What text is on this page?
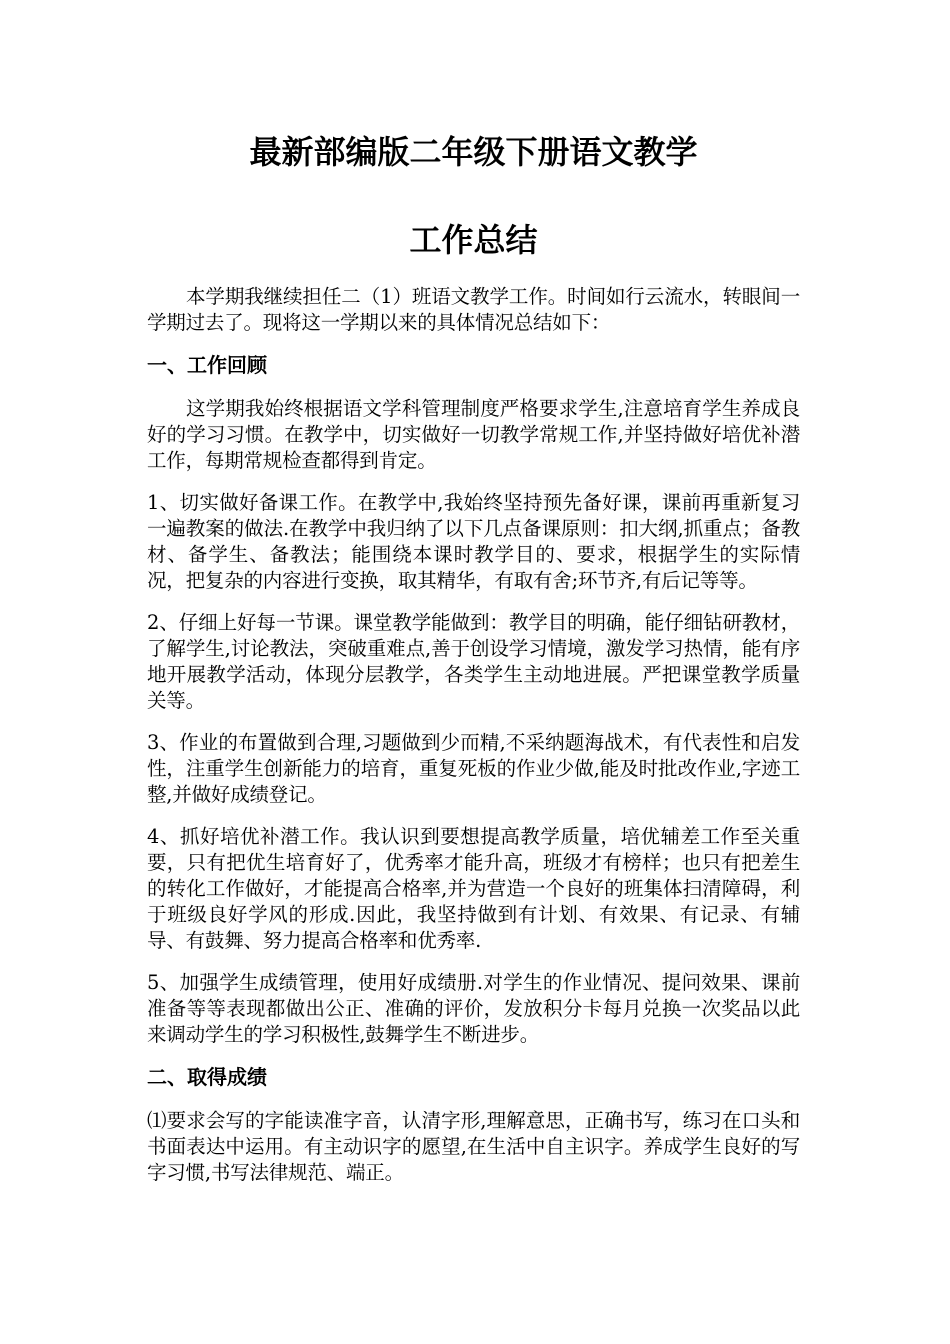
最新部编版二年级下册语文教学
工作总结

本学期我继续担任二（1）班语文教学工作。时间如行云流水，转眼间一学期过去了。现将这一学期以来的具体情况总结如下：

一、工作回顾

这学期我始终根据语文学科管理制度严格要求学生,注意培育学生养成良好的学习习惯。在教学中，切实做好一切教学常规工作,并坚持做好培优补潜工作，每期常规检查都得到肯定。

1、切实做好备课工作。在教学中,我始终坚持预先备好课，课前再重新复习一遍教案的做法.在教学中我归纳了以下几点备课原则：扣大纲,抓重点；备教材、备学生、备教法；能围绕本课时教学目的、要求，根据学生的实际情况，把复杂的内容进行变换，取其精华，有取有舍;环节齐,有后记等等。

2、仔细上好每一节课。课堂教学能做到：教学目的明确，能仔细钻研教材，了解学生,讨论教法，突破重难点,善于创设学习情境，激发学习热情，能有序地开展教学活动，体现分层教学，各类学生主动地进展。严把课堂教学质量关等。

3、作业的布置做到合理,习题做到少而精,不采纳题海战术，有代表性和启发性，注重学生创新能力的培育，重复死板的作业少做,能及时批改作业,字迹工整,并做好成绩登记。

4、抓好培优补潜工作。我认识到要想提高教学质量，培优辅差工作至关重要，只有把优生培育好了，优秀率才能升高，班级才有榜样；也只有把差生的转化工作做好，才能提高合格率,并为营造一个良好的班集体扫清障碍，利于班级良好学风的形成.因此，我坚持做到有计划、有效果、有记录、有辅导、有鼓舞、努力提高合格率和优秀率.

5、加强学生成绩管理，使用好成绩册.对学生的作业情况、提问效果、课前准备等等表现都做出公正、准确的评价，发放积分卡每月兑换一次奖品以此来调动学生的学习积极性,鼓舞学生不断进步。

二、取得成绩

⑴要求会写的字能读准字音，认清字形,理解意思，正确书写，练习在口头和书面表达中运用。有主动识字的愿望,在生活中自主识字。养成学生良好的写字习惯,书写法律规范、端正。
